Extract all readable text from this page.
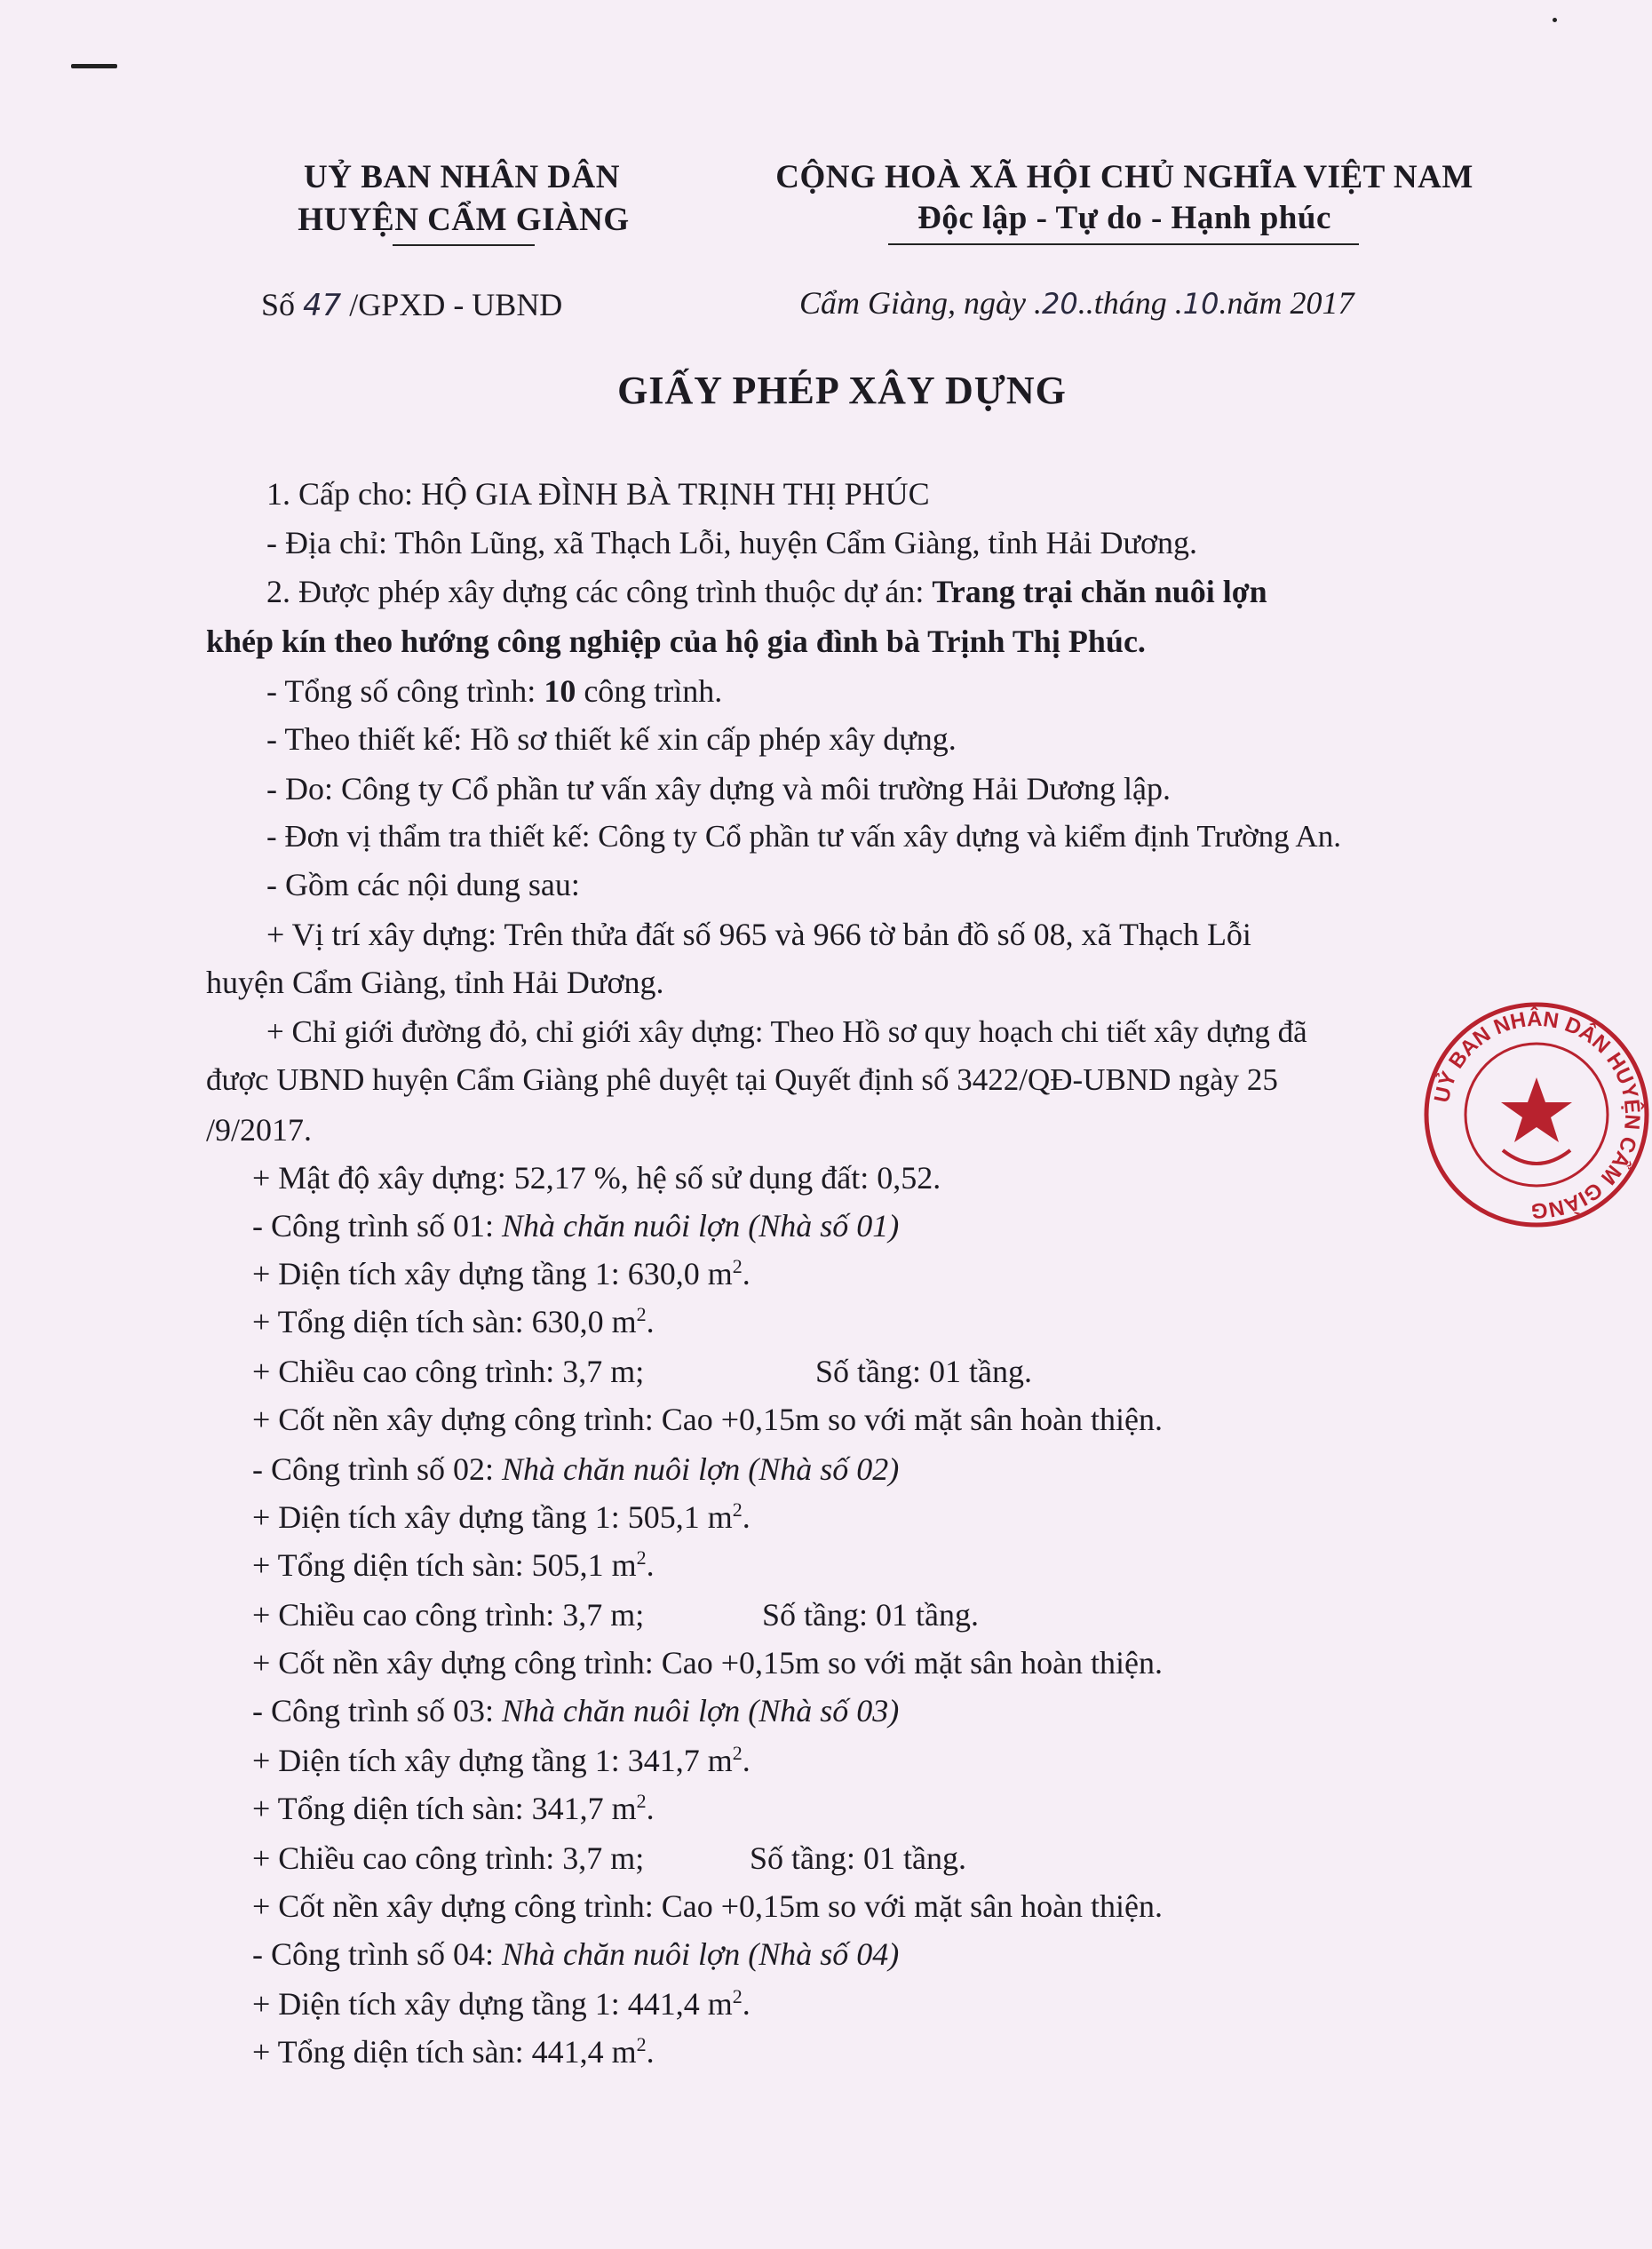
UỶ BAN NHÂN DÂN
HUYỆN CẨM GIÀNG
CỘNG HOÀ XÃ HỘI CHỦ NGHĨA VIỆT NAM
Độc lập - Tự do - Hạnh phúc
Số 47 /GPXD - UBND	Cẩm Giàng, ngày .20..tháng .10.năm 2017
GIẤY PHÉP XÂY DỰNG
1. Cấp cho: HỘ GIA ĐÌNH BÀ TRỊNH THỊ PHÚC
- Địa chỉ: Thôn Lũng, xã Thạch Lỗi, huyện Cẩm Giàng, tỉnh Hải Dương.
2. Được phép xây dựng các công trình thuộc dự án: Trang trại chăn nuôi lợn
khép kín theo hướng công nghiệp của hộ gia đình bà Trịnh Thị Phúc.
- Tổng số công trình: 10 công trình.
- Theo thiết kế: Hồ sơ thiết kế xin cấp phép xây dựng.
- Do: Công ty Cổ phần tư vấn xây dựng và môi trường Hải Dương lập.
- Đơn vị thẩm tra thiết kế: Công ty Cổ phần tư vấn xây dựng và kiểm định Trường An.
- Gồm các nội dung sau:
+ Vị trí xây dựng: Trên thửa đất số 965 và 966 tờ bản đồ số 08, xã Thạch Lỗi
huyện Cẩm Giàng, tỉnh Hải Dương.
+ Chỉ giới đường đỏ, chỉ giới xây dựng: Theo Hồ sơ quy hoạch chi tiết xây dựng đã
được UBND huyện Cẩm Giàng phê duyệt tại Quyết định số 3422/QĐ-UBND ngày 25
/9/2017.
+ Mật độ xây dựng: 52,17 %, hệ số sử dụng đất: 0,52.
- Công trình số 01: Nhà chăn nuôi lợn (Nhà số 01)
+ Diện tích xây dựng tầng 1: 630,0 $m^2$.
+ Tổng diện tích sàn: 630,0 $m^2$.
+ Chiều cao công trình: 3,7 m;	Số tầng: 01 tầng.
+ Cốt nền xây dựng công trình: Cao +0,15m so với mặt sân hoàn thiện.
- Công trình số 02: Nhà chăn nuôi lợn (Nhà số 02)
+ Diện tích xây dựng tầng 1: 505,1 $m^2$.
+ Tổng diện tích sàn: 505,1 $m^2$.
+ Chiều cao công trình: 3,7 m;	Số tầng: 01 tầng.
+ Cốt nền xây dựng công trình: Cao +0,15m so với mặt sân hoàn thiện.
- Công trình số 03: Nhà chăn nuôi lợn (Nhà số 03)
+ Diện tích xây dựng tầng 1: 341,7 $m^2$.
+ Tổng diện tích sàn: 341,7 $m^2$.
+ Chiều cao công trình: 3,7 m;	Số tầng: 01 tầng.
+ Cốt nền xây dựng công trình: Cao +0,15m so với mặt sân hoàn thiện.
- Công trình số 04: Nhà chăn nuôi lợn (Nhà số 04)
+ Diện tích xây dựng tầng 1: 441,4 $m^2$.
+ Tổng diện tích sàn: 441,4 $m^2$.
UỶ BAN NHÂN DÂN HUYỆN CẨM GIÀNG
